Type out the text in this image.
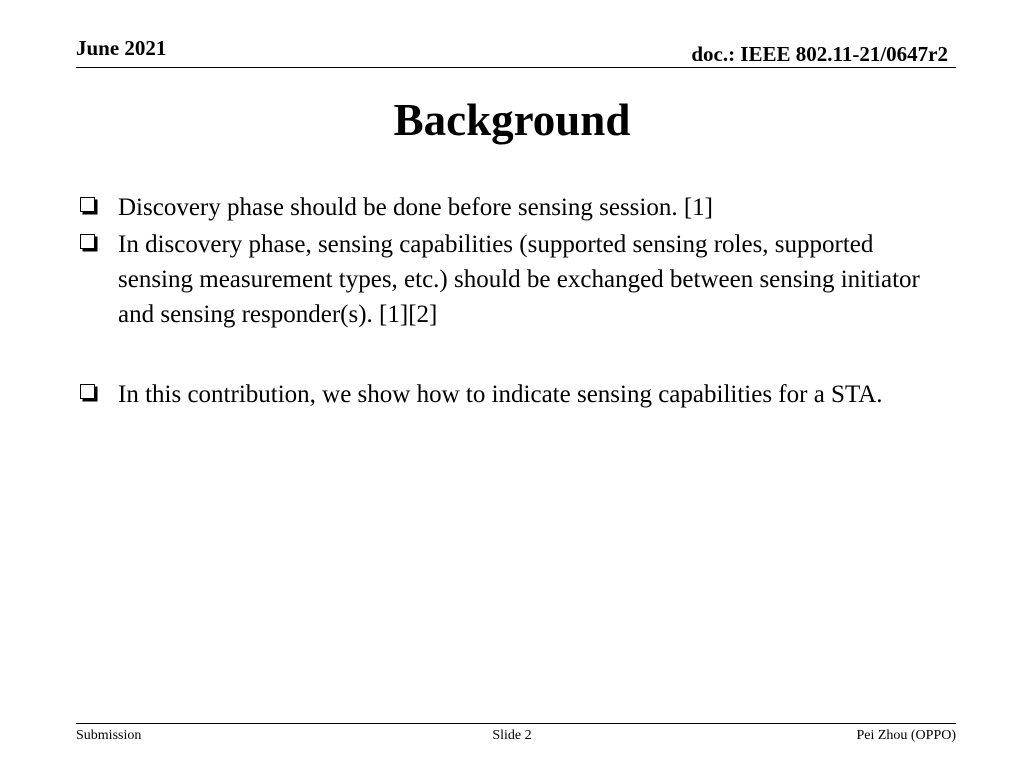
June 2021	doc.: IEEE 802.11-21/0647r2
Background
Discovery phase should be done before sensing session. [1]
In discovery phase, sensing capabilities (supported sensing roles, supported sensing measurement types, etc.) should be exchanged between sensing initiator and sensing responder(s). [1][2]
In this contribution, we show how to indicate sensing capabilities for a STA.
Submission	Slide 2	Pei Zhou (OPPO)
